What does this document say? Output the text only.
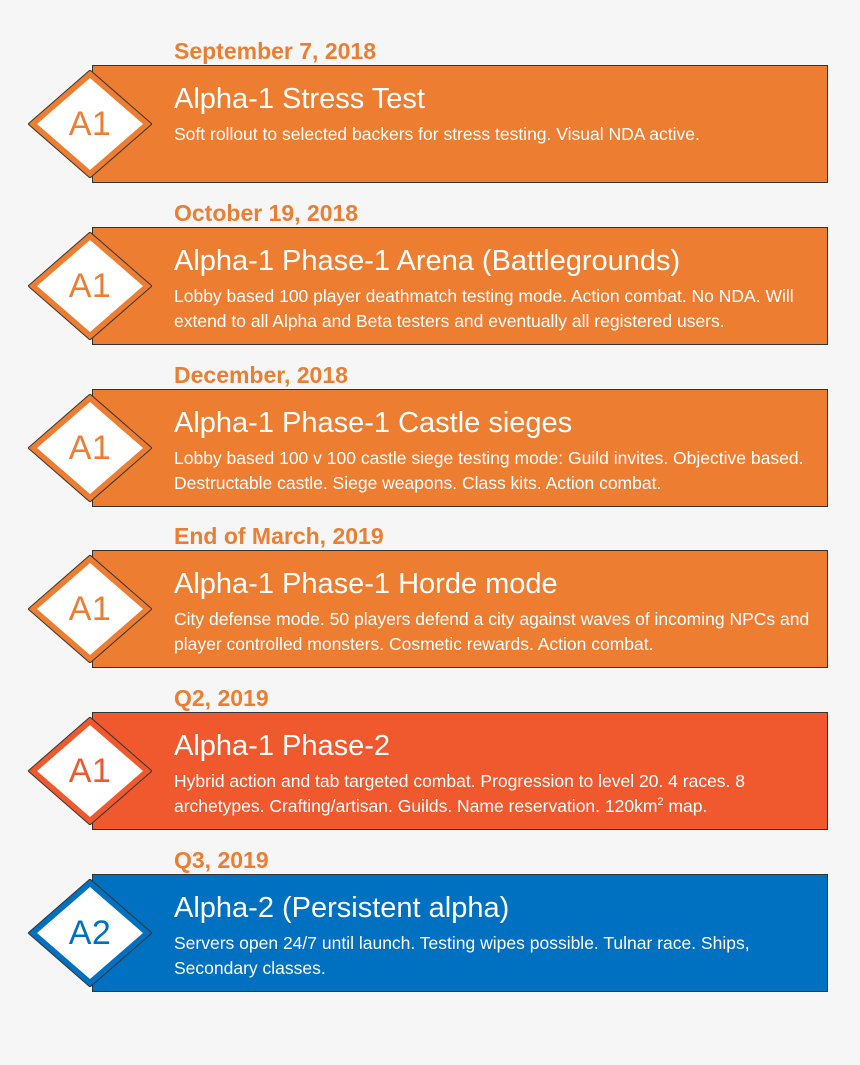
September 7, 2018
A1
Alpha-1 Stress Test
Soft rollout to selected backers for stress testing. Visual NDA active.
October 19, 2018
A1
Alpha-1 Phase-1 Arena (Battlegrounds)
Lobby based 100 player deathmatch testing mode. Action combat. No NDA. Will extend to all Alpha and Beta testers and eventually all registered users.
December, 2018
A1
Alpha-1 Phase-1 Castle sieges
Lobby based 100 v 100 castle siege testing mode: Guild invites. Objective based. Destructable castle. Siege weapons. Class kits. Action combat.
End of March, 2019
A1
Alpha-1 Phase-1 Horde mode
City defense mode. 50 players defend a city against waves of incoming NPCs and player controlled monsters. Cosmetic rewards. Action combat.
Q2, 2019
A1
Alpha-1 Phase-2
Hybrid action and tab targeted combat. Progression to level 20. 4 races. 8 archetypes. Crafting/artisan. Guilds. Name reservation. $120km^2$ map.
Q3, 2019
A2
Alpha-2 (Persistent alpha)
Servers open 24/7 until launch. Testing wipes possible. Tulnar race. Ships, Secondary classes.
